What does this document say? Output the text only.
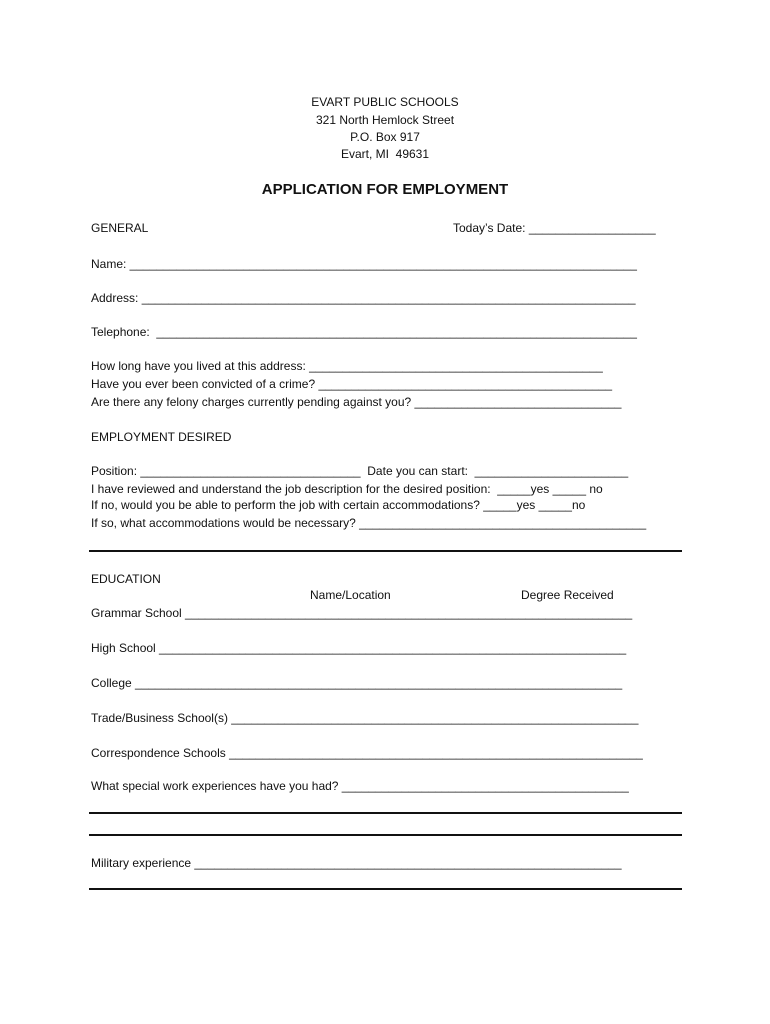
EVART PUBLIC SCHOOLS
321 North Hemlock Street
P.O. Box 917
Evart, MI  49631
APPLICATION FOR EMPLOYMENT
GENERAL	Today’s Date: ___________________
Name: ____________________________________________________________________________
Address: __________________________________________________________________________
Telephone:  ________________________________________________________________________
How long have you lived at this address: ____________________________________________
Have you ever been convicted of a crime? ____________________________________________
Are there any felony charges currently pending against you? _______________________________
EMPLOYMENT DESIRED
Position: _________________________________  Date you can start:  _______________________
I have reviewed and understand the job description for the desired position:  _____yes _____ no
If no, would you be able to perform the job with certain accommodations? _____yes _____no
If so, what accommodations would be necessary? ___________________________________________
EDUCATION
Name/Location	Degree Received
Grammar School ___________________________________________________________________
High School ______________________________________________________________________
College _________________________________________________________________________
Trade/Business School(s) _____________________________________________________________
Correspondence Schools ______________________________________________________________
What special work experiences have you had? ___________________________________________
Military experience ________________________________________________________________
